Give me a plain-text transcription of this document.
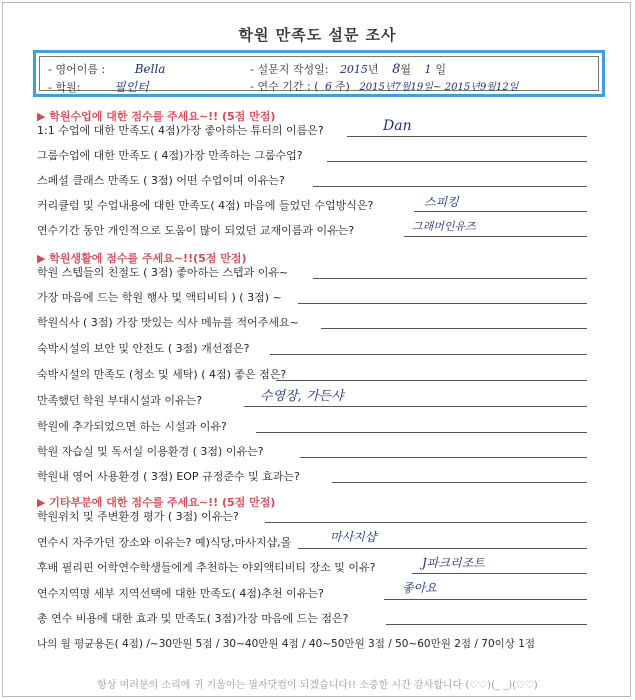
학원 만족도 설문 조사
- 영어이름 : Bella
- 학원:	필인터
- 설문지 작성일: 2015년 8월 1 일
- 연수 기간 : ( 6 주) 2015년7월19일~ 2015년9월12일
▶ 학원수업에 대한 점수를 주세요~!! (5점 만점)
1:1 수업에 대한 만족도( 4점)가장 좋아하는 튜터의 이름은?	Dan
그룹수업에 대한 만족도 ( 4점)가장 만족하는 그룹수업?
스페셜 클래스 만족도 ( 3점) 어떤 수업이며 이유는?
커리큘럼 및 수업내용에 대한 만족도( 4점) 마음에 들었던 수업방식은?	스피킹
연수기간 동안 개인적으로 도움이 많이 되었던 교재이름과 이유는?	그래머인유즈
▶ 학원생활에 점수를 주세요~!!(5점 만점)
학원 스텝들의 친절도 ( 3점) 좋아하는 스텝과 이유~
가장 마음에 드는 학원 행사 및 액티비티 ) ( 3점) ~
학원식사 ( 3점) 가장 맛있는 식사 메뉴를 적어주세요~
숙박시설의 보안 및 안전도 ( 3점) 개선점은?
숙박시설의 만족도 (청소 및 세탁) ( 4점) 좋은 점은?
만족했던 학원 부대시설과 이유는?	수영장, 가든샤
학원에 추가되었으면 하는 시설과 이유?
학원 자습실 및 독서실 이용환경 ( 3점) 이유는?
학원내 영어 사용환경 ( 3점) EOP 규정준수 및 효과는?
▶ 기타부분에 대한 점수를 주세요~!! (5점 만점)
학원위치 및 주변환경 평가 ( 3점) 이유는?
연수시 자주가던 장소와 이유는? 예)식당,마사지샵,몰	마사지샵
후배 필리핀 어학연수학생들에게 추천하는 야외액티비티 장소 및 이유?	J파크리조트
연수지역명 세부 지역선택에 대한 만족도( 4점)추천 이유는?	좋아요
총 연수 비용에 대한 효과 및 만족도( 3점)가장 마음에 드는 점은?
나의 월 평균용돈( 4점) /~30만원 5점 / 30~40만원 4점 / 40~50만원 3점 / 50~60만원 2점 / 70이상 1점
항상 여러분의 소리에 귀 기울이는 필자닷컴이 되겠습니다!! 소중한 시간 감사합니다 (♡♡)(_ _)(♡♡)
